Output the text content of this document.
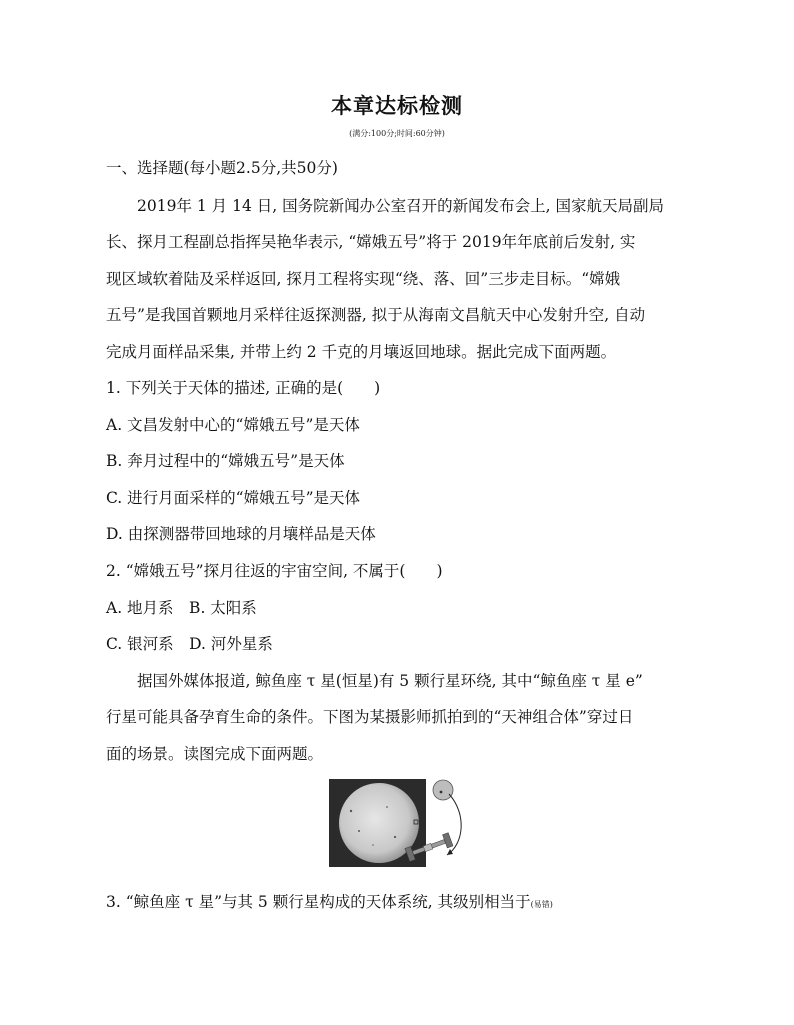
本章达标检测
(满分:100分;时间:60分钟)
一、选择题(每小题2.5分,共50分)
2019年 1 月 14 日, 国务院新闻办公室召开的新闻发布会上, 国家航天局副局
长、探月工程副总指挥吴艳华表示, “嫦娥五号”将于 2019年年底前后发射, 实
现区域软着陆及采样返回, 探月工程将实现“绕、落、回”三步走目标。“嫦娥
五号”是我国首颗地月采样往返探测器, 拟于从海南文昌航天中心发射升空, 自动
完成月面样品采集, 并带上约 2 千克的月壤返回地球。据此完成下面两题。
1. 下列关于天体的描述, 正确的是(　　)
A. 文昌发射中心的“嫦娥五号”是天体
B. 奔月过程中的“嫦娥五号”是天体
C. 进行月面采样的“嫦娥五号”是天体
D. 由探测器带回地球的月壤样品是天体
2. “嫦娥五号”探月往返的宇宙空间, 不属于(　　)
A. 地月系　B. 太阳系
C. 银河系　D. 河外星系
据国外媒体报道, 鲸鱼座 τ 星(恒星)有 5 颗行星环绕, 其中“鲸鱼座 τ 星 e”
行星可能具备孕育生命的条件。下图为某摄影师抓拍到的“天神组合体”穿过日
面的场景。读图完成下面两题。
3. “鲸鱼座 τ 星”与其 5 颗行星构成的天体系统, 其级别相当于(易错)
